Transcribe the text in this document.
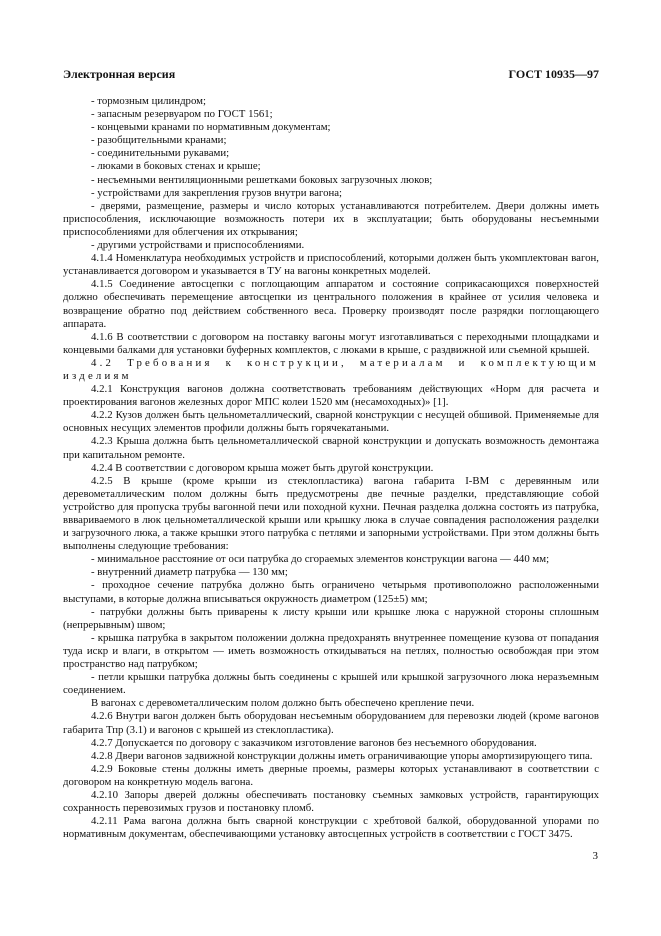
Электронная версия	ГОСТ 10935—97

- тормозным цилиндром;

- запасным резервуаром по ГОСТ 1561;

- концевыми кранами по нормативным документам;

- разобщительными кранами;

- соединительными рукавами;

- люками в боковых стенах и крыше;

- несъемными вентиляционными решетками боковых загрузочных люков;

- устройствами для закрепления грузов внутри вагона;

- дверями, размещение, размеры и число которых устанавливаются потребителем. Двери должны иметь приспособления, исключающие возможность потери их в эксплуатации; быть оборудованы несъемными приспособлениями для облегчения их открывания;

- другими устройствами и приспособлениями.

4.1.4 Номенклатура необходимых устройств и приспособлений, которыми должен быть укомплектован вагон, устанавливается договором и указывается в ТУ на вагоны конкретных моделей.

4.1.5 Соединение автосцепки с поглощающим аппаратом и состояние соприкасающихся поверхностей должно обеспечивать перемещение автосцепки из центрального положения в крайнее от усилия человека и возвращение обратно под действием собственного веса. Проверку производят после разрядки поглощающего аппарата.

4.1.6 В соответствии с договором на поставку вагоны могут изготавливаться с переходными площадками и концевыми балками для установки буферных комплектов, с люками в крыше, с раздвижной или съемной крышей.

4.2 Требования к конструкции, материалам и комплектующим изделиям

4.2.1 Конструкция вагонов должна соответствовать требованиям действующих «Норм для расчета и проектирования вагонов железных дорог МПС колеи 1520 мм (несамоходных)» [1].

4.2.2 Кузов должен быть цельнометаллический, сварной конструкции с несущей обшивой. Применяемые для основных несущих элементов профили должны быть горячекатаными.

4.2.3 Крыша должна быть цельнометаллической сварной конструкции и допускать возможность демонтажа при капитальном ремонте.

4.2.4 В соответствии с договором крыша может быть другой конструкции.

4.2.5 В крыше (кроме крыши из стеклопластика) вагона габарита I-ВМ с деревянным или деревометаллическим полом должны быть предусмотрены две печные разделки, представляющие собой устройство для пропуска трубы вагонной печи или походной кухни. Печная разделка должна состоять из патрубка, вввариваемого в люк цельнометаллической крыши или крышку люка в случае совпадения расположения разделки и загрузочного люка, а также крышки этого патрубка с петлями и запорными устройствами. При этом должны быть выполнены следующие требования:

- минимальное расстояние от оси патрубка до сгораемых элементов конструкции вагона — 440 мм;

- внутренний диаметр патрубка — 130 мм;

- проходное сечение патрубка должно быть ограничено четырьмя противоположно расположенными выступами, в которые должна вписываться окружность диаметром (125±5) мм;

- патрубки должны быть приварены к листу крыши или крышке люка с наружной стороны сплошным (непрерывным) швом;

- крышка патрубка в закрытом положении должна предохранять внутреннее помещение кузова от попадания туда искр и влаги, в открытом — иметь возможность откидываться на петлях, полностью освобождая при этом пространство над патрубком;

- петли крышки патрубка должны быть соединены с крышей или крышкой загрузочного люка неразъемным соединением.

В вагонах с деревометаллическим полом должно быть обеспечено крепление печи.

4.2.6 Внутри вагон должен быть оборудован несъемным оборудованием для перевозки людей (кроме вагонов габарита Тпр (3.1) и вагонов с крышей из стеклопластика).

4.2.7 Допускается по договору с заказчиком изготовление вагонов без несъемного оборудования.

4.2.8 Двери вагонов задвижной конструкции должны иметь ограничивающие упоры амортизирующего типа.

4.2.9 Боковые стены должны иметь дверные проемы, размеры которых устанавливают в соответствии с договором на конкретную модель вагона.

4.2.10 Запоры дверей должны обеспечивать постановку съемных замковых устройств, гарантирующих сохранность перевозимых грузов и постановку пломб.

4.2.11 Рама вагона должна быть сварной конструкции с хребтовой балкой, оборудованной упорами по нормативным документам, обеспечивающими установку автосцепных устройств в соответствии с ГОСТ 3475.

3
